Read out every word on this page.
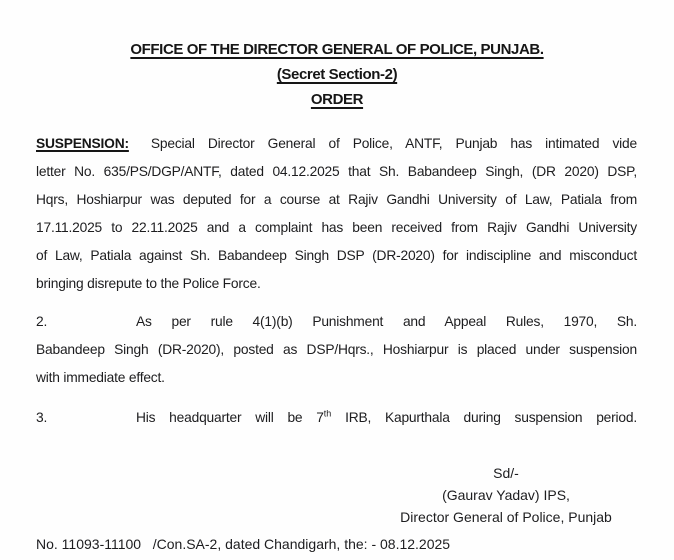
OFFICE OF THE DIRECTOR GENERAL OF POLICE, PUNJAB.
(Secret Section-2)
ORDER
SUSPENSION: Special Director General of Police, ANTF, Punjab has intimated vide
letter No. 635/PS/DGP/ANTF, dated 04.12.2025 that Sh. Babandeep Singh, (DR 2020) DSP,
Hqrs, Hoshiarpur was deputed for a course at Rajiv Gandhi University of Law, Patiala from
17.11.2025 to 22.11.2025 and a complaint has been received from Rajiv Gandhi University
of Law, Patiala against Sh. Babandeep Singh DSP (DR-2020) for indiscipline and misconduct
bringing disrepute to the Police Force.
2.	As per rule 4(1)(b) Punishment and Appeal Rules, 1970, Sh.
Babandeep Singh (DR-2020), posted as DSP/Hqrs., Hoshiarpur is placed under suspension
with immediate effect.
3.	His headquarter will be 7th IRB, Kapurthala during suspension period.
Sd/-
(Gaurav Yadav) IPS,
Director General of Police, Punjab
No. 11093-11100   /Con.SA-2, dated Chandigarh, the: - 08.12.2025
